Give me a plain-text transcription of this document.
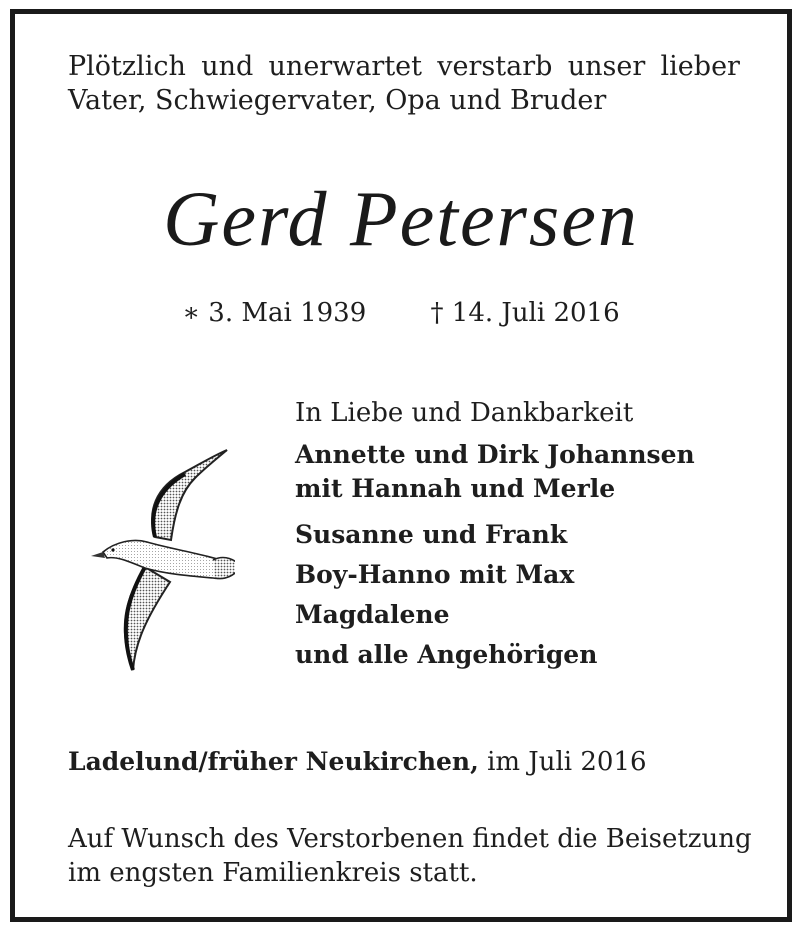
Plötzlich und unerwartet verstarb unser lieber
Vater, Schwiegervater, Opa und Bruder
Gerd Petersen
∗ 3. Mai 1939 † 14. Juli 2016
In Liebe und Dankbarkeit
Annette und Dirk Johannsen
mit Hannah und Merle
Susanne und Frank
Boy-Hanno mit Max
Magdalene
und alle Angehörigen
Ladelund/früher Neukirchen, im Juli 2016
Auf Wunsch des Verstorbenen findet die Beisetzung
im engsten Familienkreis statt.
